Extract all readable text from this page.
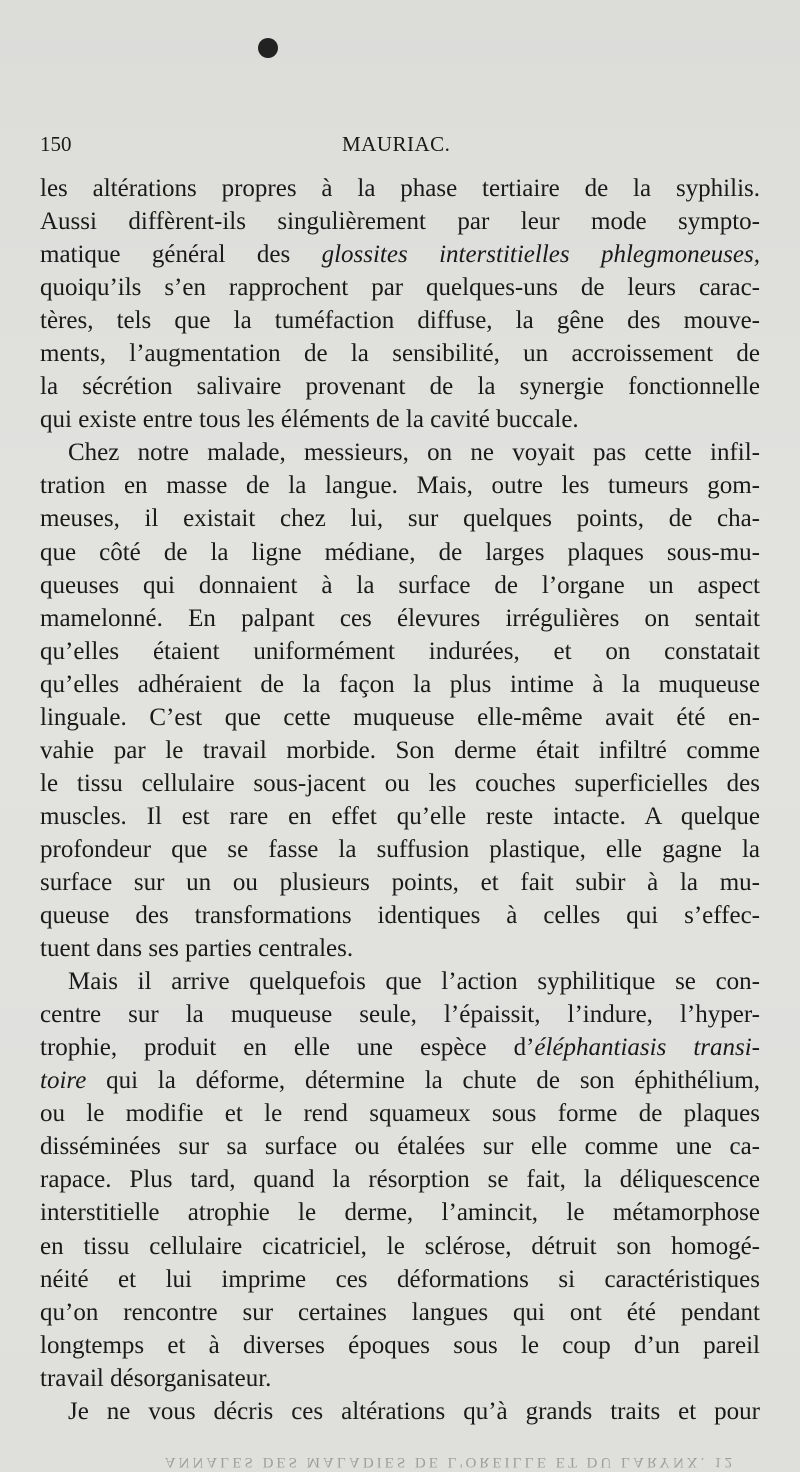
150	MAURIAC.
les altérations propres à la phase tertiaire de la syphilis.
Aussi diffèrent-ils singulièrement par leur mode sympto-
matique général des glossites interstitielles phlegmoneuses,
quoiqu’ils s’en rapprochent par quelques-uns de leurs carac-
tères, tels que la tuméfaction diffuse, la gêne des mouve-
ments, l’augmentation de la sensibilité, un accroissement de
la sécrétion salivaire provenant de la synergie fonctionnelle
qui existe entre tous les éléments de la cavité buccale.
Chez notre malade, messieurs, on ne voyait pas cette infil-
tration en masse de la langue. Mais, outre les tumeurs gom-
meuses, il existait chez lui, sur quelques points, de cha-
que côté de la ligne médiane, de larges plaques sous-mu-
queuses qui donnaient à la surface de l’organe un aspect
mamelonné. En palpant ces élevures irrégulières on sentait
qu’elles étaient uniformément indurées, et on constatait
qu’elles adhéraient de la façon la plus intime à la muqueuse
linguale. C’est que cette muqueuse elle-même avait été en-
vahie par le travail morbide. Son derme était infiltré comme
le tissu cellulaire sous-jacent ou les couches superficielles des
muscles. Il est rare en effet qu’elle reste intacte. A quelque
profondeur que se fasse la suffusion plastique, elle gagne la
surface sur un ou plusieurs points, et fait subir à la mu-
queuse des transformations identiques à celles qui s’effec-
tuent dans ses parties centrales.
Mais il arrive quelquefois que l’action syphilitique se con-
centre sur la muqueuse seule, l’épaissit, l’indure, l’hyper-
trophie, produit en elle une espèce d’éléphantiasis transi-
toire qui la déforme, détermine la chute de son éphithélium,
ou le modifie et le rend squameux sous forme de plaques
disséminées sur sa surface ou étalées sur elle comme une ca-
rapace. Plus tard, quand la résorption se fait, la déliquescence
interstitielle atrophie le derme, l’amincit, le métamorphose
en tissu cellulaire cicatriciel, le sclérose, détruit son homogé-
néité et lui imprime ces déformations si caractéristiques
qu’on rencontre sur certaines langues qui ont été pendant
longtemps et à diverses époques sous le coup d’un pareil
travail désorganisateur.
Je ne vous décris ces altérations qu’à grands traits et pour
ANNALES DES MALADIES DE L'OREILLE ET DU LARYNX. 12
